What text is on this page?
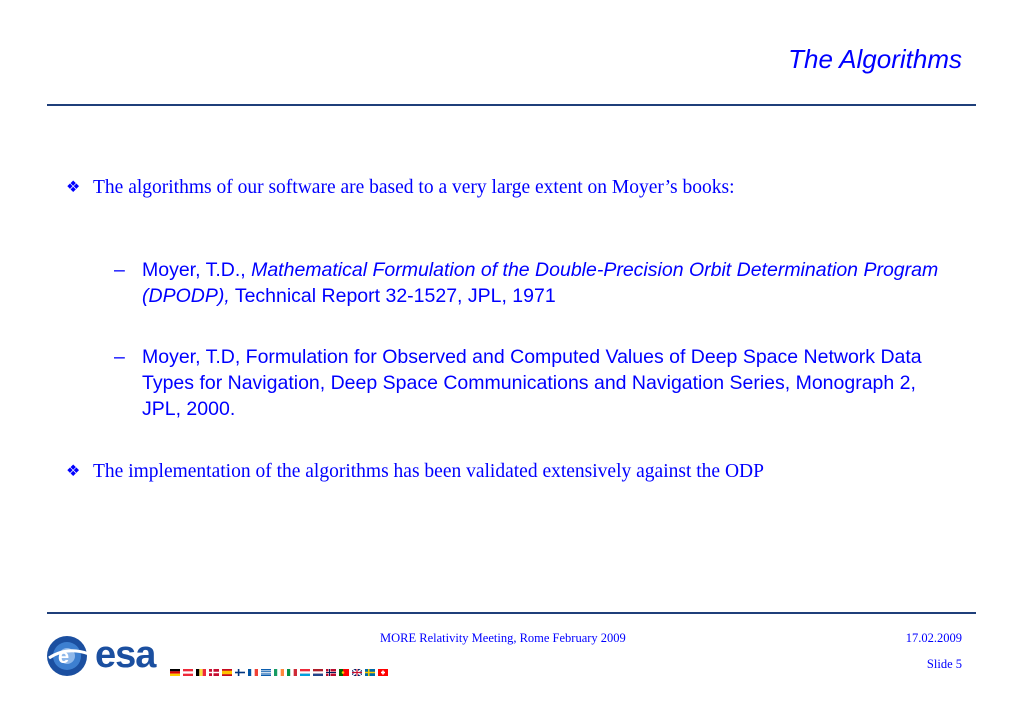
The Algorithms
❖ The algorithms of our software are based to a very large extent on Moyer’s books:
– Moyer, T.D., Mathematical Formulation of the Double-Precision Orbit Determination Program (DPODP), Technical Report 32-1527, JPL, 1971
– Moyer, T.D, Formulation for Observed and Computed Values of Deep Space Network Data Types for Navigation, Deep Space Communications and Navigation Series, Monograph 2, JPL, 2000.
❖ The implementation of the algorithms has been validated extensively against the ODP
e esa	MORE Relativity Meeting, Rome February 2009	17.02.2009
Slide 5
